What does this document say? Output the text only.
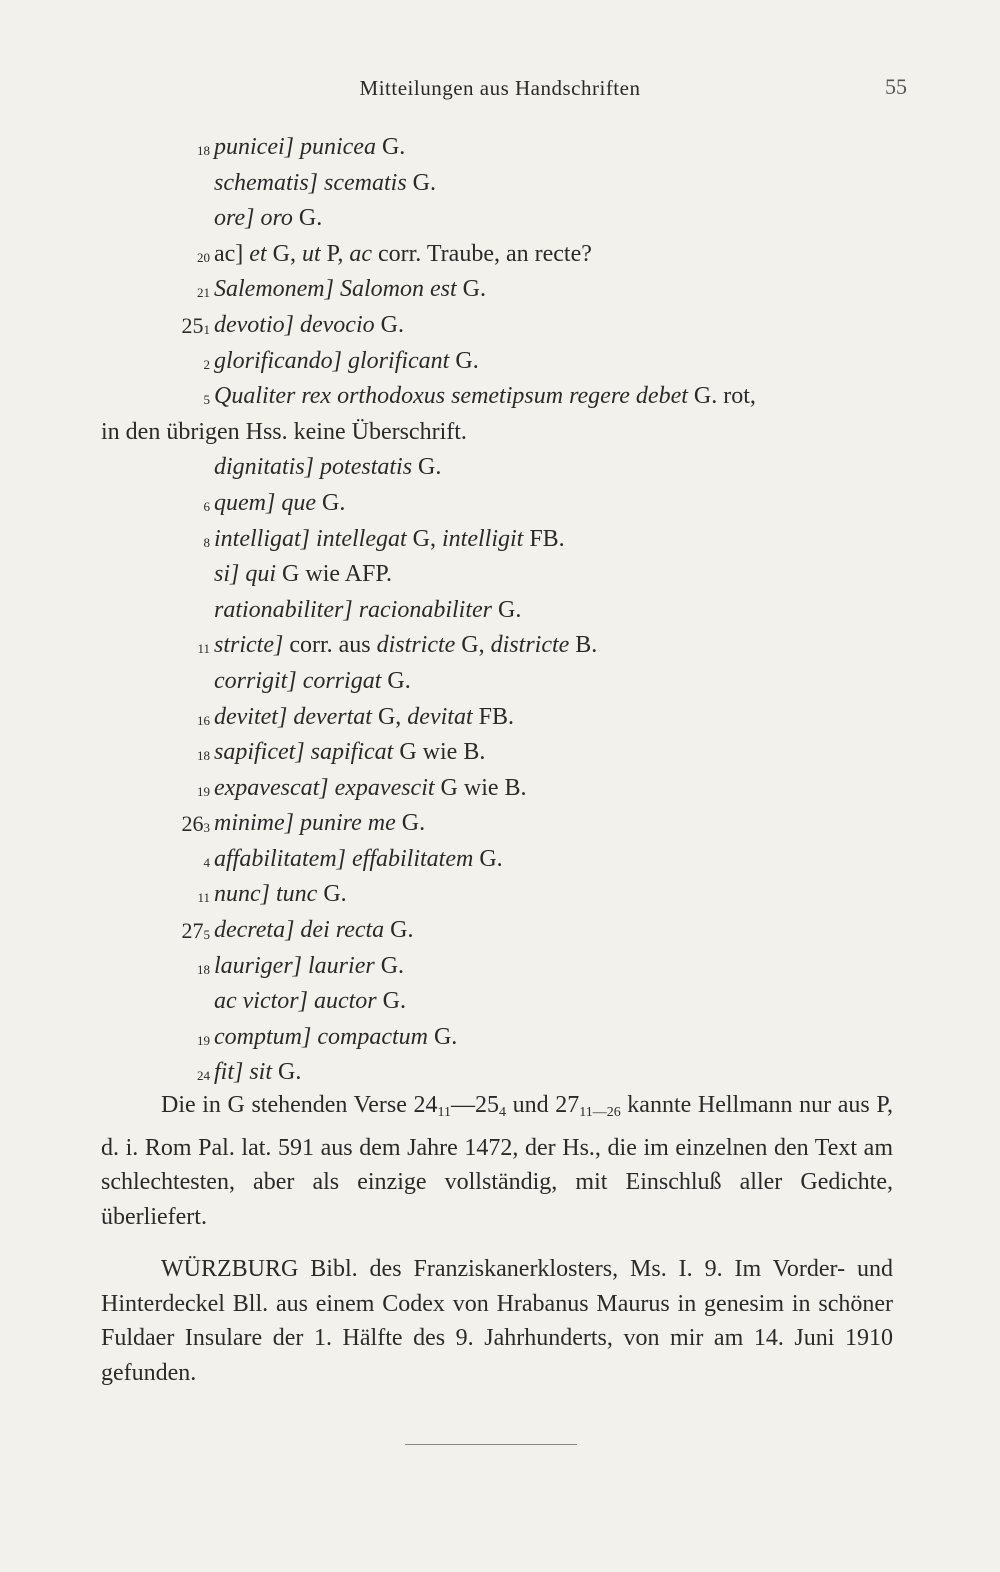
Mitteilungen aus Handschriften	55
18 punicei] punicea G.
schematis] scematis G.
ore] oro G.
20 ac] et G, ut P, ac corr. Traube, an recte?
21 Salemonem] Salomon est G.
251 devotio] devocio G.
2 glorificando] glorificant G.
5 Qualiter rex orthodoxus semetipsum regere debet G. rot,
in den übrigen Hss. keine Überschrift.
dignitatis] potestatis G.
6 quem] que G.
8 intelligat] intellegat G, intelligit FB.
si] qui G wie AFP.
rationabiliter] racionabiliter G.
11 stricte] corr. aus districte G, districte B.
corrigit] corrigat G.
16 devitet] devertat G, devitat FB.
18 sapificet] sapificat G wie B.
19 expavescat] expavescit G wie B.
263 minime] punire me G.
4 affabilitatem] effabilitatem G.
11 nunc] tunc G.
275 decreta] dei recta G.
18 lauriger] laurier G.
ac victor] auctor G.
19 comptum] compactum G.
24 fit] sit G.

Die in G stehenden Verse $24_{11}—25_4$ und $27_{11—26}$ kannte Hellmann nur aus P, d. i. Rom Pal. lat. 591 aus dem Jahre 1472, der Hs., die im einzelnen den Text am schlechtesten, aber als einzige vollständig, mit Einschluß aller Gedichte, überliefert.

WÜRZBURG Bibl. des Franziskanerklosters, Ms. I. 9. Im Vorder- und Hinterdeckel Bll. aus einem Codex von Hrabanus Maurus in genesim in schöner Fuldaer Insulare der 1. Hälfte des 9. Jahrhunderts, von mir am 14. Juni 1910 gefunden.
